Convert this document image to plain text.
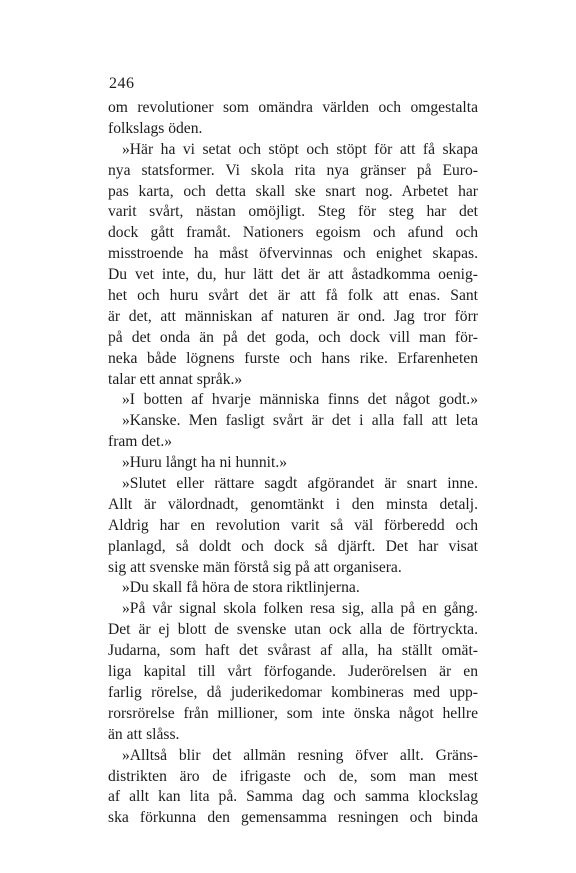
246
om revolutioner som omändra världen och omgestalta
folkslags öden.
»Här ha vi setat och stöpt och stöpt för att få skapa
nya statsformer. Vi skola rita nya gränser på Euro-
pas karta, och detta skall ske snart nog. Arbetet har
varit svårt, nästan omöjligt. Steg för steg har det
dock gått framåt. Nationers egoism och afund och
misstroende ha måst öfvervinnas och enighet skapas.
Du vet inte, du, hur lätt det är att åstadkomma oenig-
het och huru svårt det är att få folk att enas. Sant
är det, att människan af naturen är ond. Jag tror förr
på det onda än på det goda, och dock vill man för-
neka både lögnens furste och hans rike. Erfarenheten
talar ett annat språk.»
»I botten af hvarje människa finns det något godt.»
»Kanske. Men fasligt svårt är det i alla fall att leta
fram det.»
»Huru långt ha ni hunnit.»
»Slutet eller rättare sagdt afgörandet är snart inne.
Allt är välordnadt, genomtänkt i den minsta detalj.
Aldrig har en revolution varit så väl förberedd och
planlagd, så doldt och dock så djärft. Det har visat
sig att svenske män förstå sig på att organisera.
»Du skall få höra de stora riktlinjerna.
»På vår signal skola folken resa sig, alla på en gång.
Det är ej blott de svenske utan ock alla de förtryckta.
Judarna, som haft det svårast af alla, ha ställt omät-
liga kapital till vårt förfogande. Juderörelsen är en
farlig rörelse, då juderikedomar kombineras med upp-
rorsrörelse från millioner, som inte önska något hellre
än att slåss.
»Alltså blir det allmän resning öfver allt. Gräns-
distrikten äro de ifrigaste och de, som man mest
af allt kan lita på. Samma dag och samma klockslag
ska förkunna den gemensamma resningen och binda
